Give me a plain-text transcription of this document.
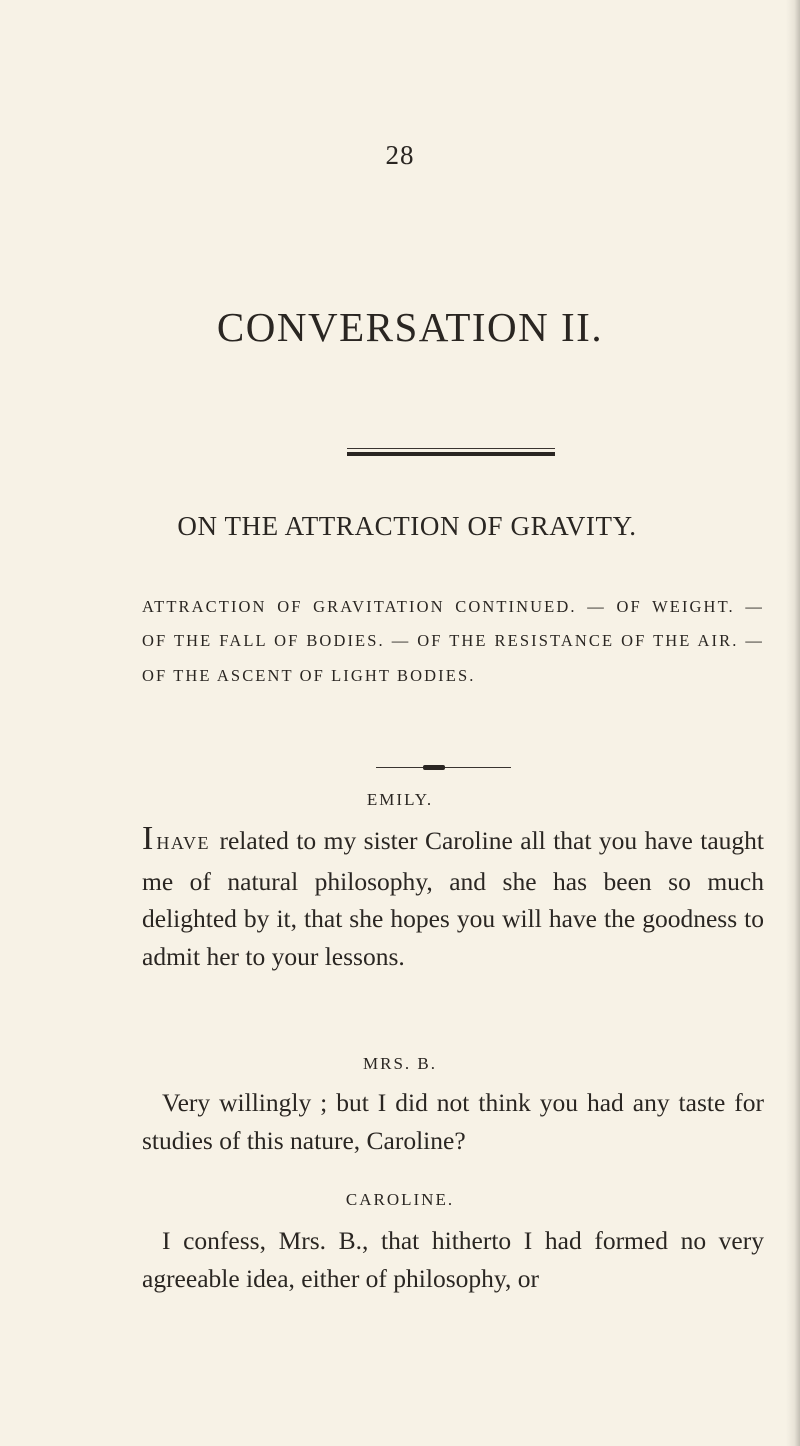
28
CONVERSATION II.
ON THE ATTRACTION OF GRAVITY.

ATTRACTION OF GRAVITATION CONTINUED. — OF WEIGHT. — OF THE FALL OF BODIES. — OF THE RESISTANCE OF THE AIR. — OF THE ASCENT OF LIGHT BODIES.

EMILY.

IHAVE related to my sister Caroline all that you have taught me of natural philosophy, and she has been so much delighted by it, that she hopes you will have the goodness to admit her to your lessons.

MRS. B.

Very willingly ; but I did not think you had any taste for studies of this nature, Caroline?

CAROLINE.

I confess, Mrs. B., that hitherto I had formed no very agreeable idea, either of philosophy, or
